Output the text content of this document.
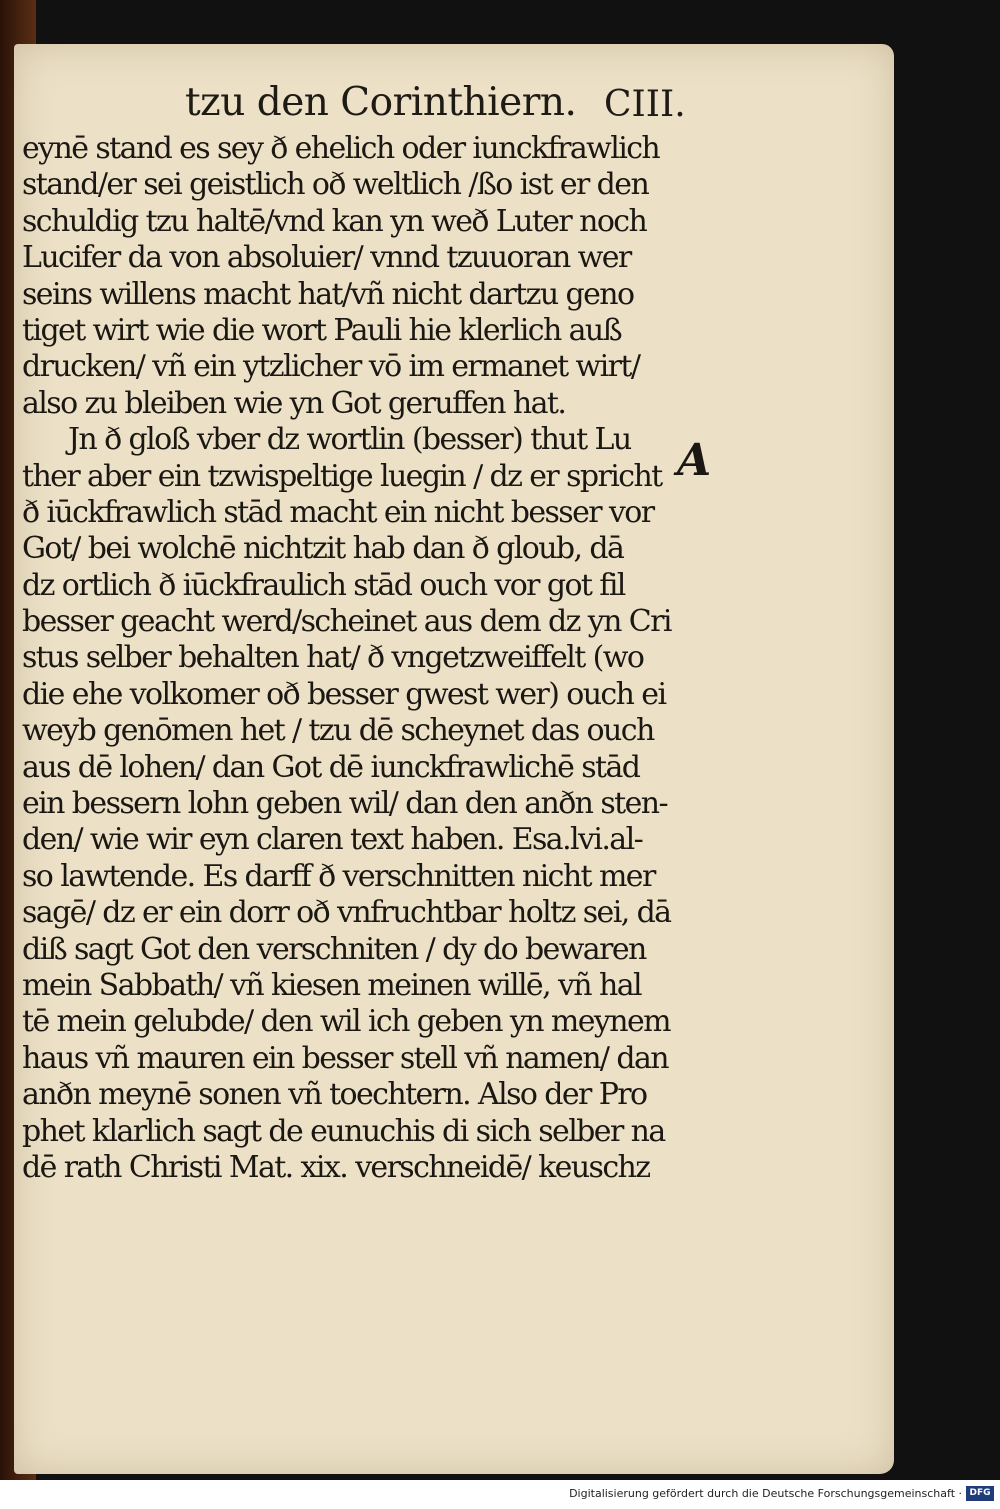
tzu den Corinthiern. CIII.
eynē stand es sey ð ehelich oder iunckfrawlich
stand/er sei geistlich oð weltlich /ßo ist er den
schuldig tzu haltē/vnd kan yn weð Luter noch
Lucifer da von absoluier/ vnnd tzuuoran wer
seins willens macht hat/vñ nicht dartzu geno
tiget wirt wie die wort Pauli hie klerlich auß
drucken/ vñ ein ytzlicher vō im ermanet wirt/
also zu bleiben wie yn Got geruffen hat.
Jn ð gloß vber dz wortlin (besser) thut Lu
ther aber ein tzwispeltige luegin / dz er spricht
ð iūckfrawlich stād macht ein nicht besser vor
Got/ bei wolchē nichtzit hab dan ð gloub, dā
dz ortlich ð iūckfraulich stād ouch vor got fil
besser geacht werd/scheinet aus dem dz yn Cri
stus selber behalten hat/ ð vngetzweiffelt (wo
die ehe volkomer oð besser gwest wer) ouch ei
weyb genōmen het / tzu dē scheynet das ouch
aus dē lohen/ dan Got dē iunckfrawlichē stād
ein bessern lohn geben wil/ dan den anðn sten-
den/ wie wir eyn claren text haben. Esa.lvi.al-
so lawtende. Es darff ð verschnitten nicht mer
sagē/ dz er ein dorr oð vnfruchtbar holtz sei, dā
diß sagt Got den verschniten / dy do bewaren
mein Sabbath/ vñ kiesen meinen willē, vñ hal
tē mein gelubde/ den wil ich geben yn meynem
haus vñ mauren ein besser stell vñ namen/ dan
anðn meynē sonen vñ toechtern. Also der Pro
phet klarlich sagt de eunuchis di sich selber na
dē rath Christi Mat. xix. verschneidē/ keuschz
A
Digitalisierung gefördert durch die Deutsche Forschungsgemeinschaft · DFG
